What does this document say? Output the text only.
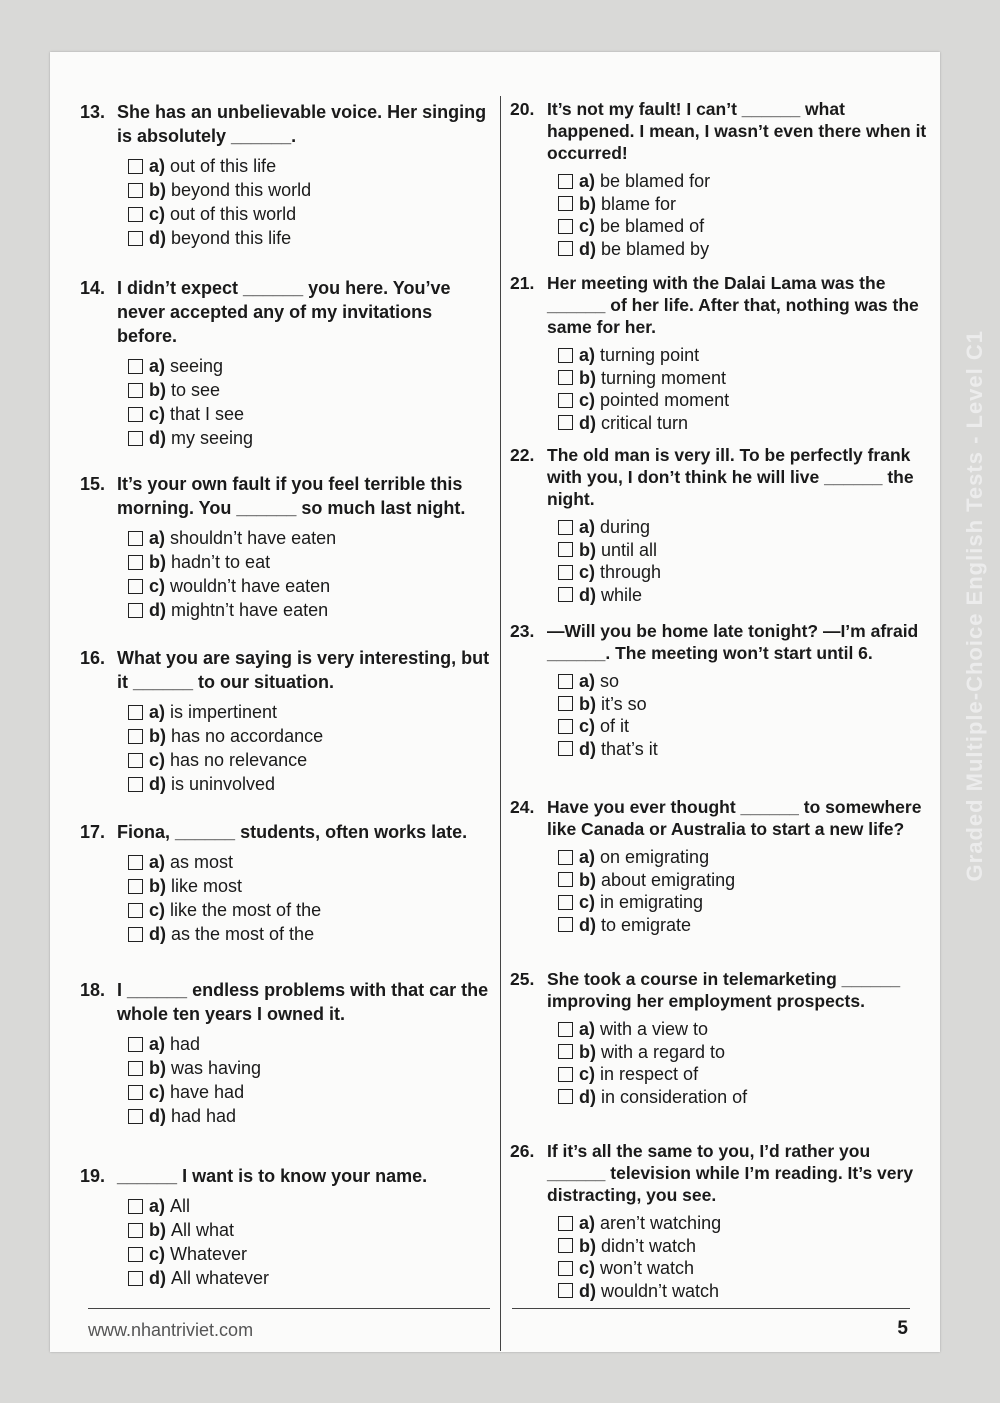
13. She has an unbelievable voice. Her singing is absolutely ______.
a) out of this life
b) beyond this world
c) out of this world
d) beyond this life
14. I didn’t expect ______ you here. You’ve never accepted any of my invitations before.
a) seeing
b) to see
c) that I see
d) my seeing
15. It’s your own fault if you feel terrible this morning. You ______ so much last night.
a) shouldn’t have eaten
b) hadn’t to eat
c) wouldn’t have eaten
d) mightn’t have eaten
16. What you are saying is very interesting, but it ______ to our situation.
a) is impertinent
b) has no accordance
c) has no relevance
d) is uninvolved
17. Fiona, ______ students, often works late.
a) as most
b) like most
c) like the most of the
d) as the most of the
18. I ______ endless problems with that car the whole ten years I owned it.
a) had
b) was having
c) have had
d) had had
19. ______ I want is to know your name.
a) All
b) All what
c) Whatever
d) All whatever
20. It’s not my fault! I can’t ______ what happened. I mean, I wasn’t even there when it occurred!
a) be blamed for
b) blame for
c) be blamed of
d) be blamed by
21. Her meeting with the Dalai Lama was the ______ of her life. After that, nothing was the same for her.
a) turning point
b) turning moment
c) pointed moment
d) critical turn
22. The old man is very ill. To be perfectly frank with you, I don’t think he will live ______ the night.
a) during
b) until all
c) through
d) while
23. —Will you be home late tonight? —I’m afraid ______. The meeting won’t start until 6.
a) so
b) it’s so
c) of it
d) that’s it
24. Have you ever thought ______ to somewhere like Canada or Australia to start a new life?
a) on emigrating
b) about emigrating
c) in emigrating
d) to emigrate
25. She took a course in telemarketing ______ improving her employment prospects.
a) with a view to
b) with a regard to
c) in respect of
d) in consideration of
26. If it’s all the same to you, I’d rather you ______ television while I’m reading. It’s very distracting, you see.
a) aren’t watching
b) didn’t watch
c) won’t watch
d) wouldn’t watch
www.nhantriviet.com	5
Graded Multiple-Choice English Tests - Level C1
